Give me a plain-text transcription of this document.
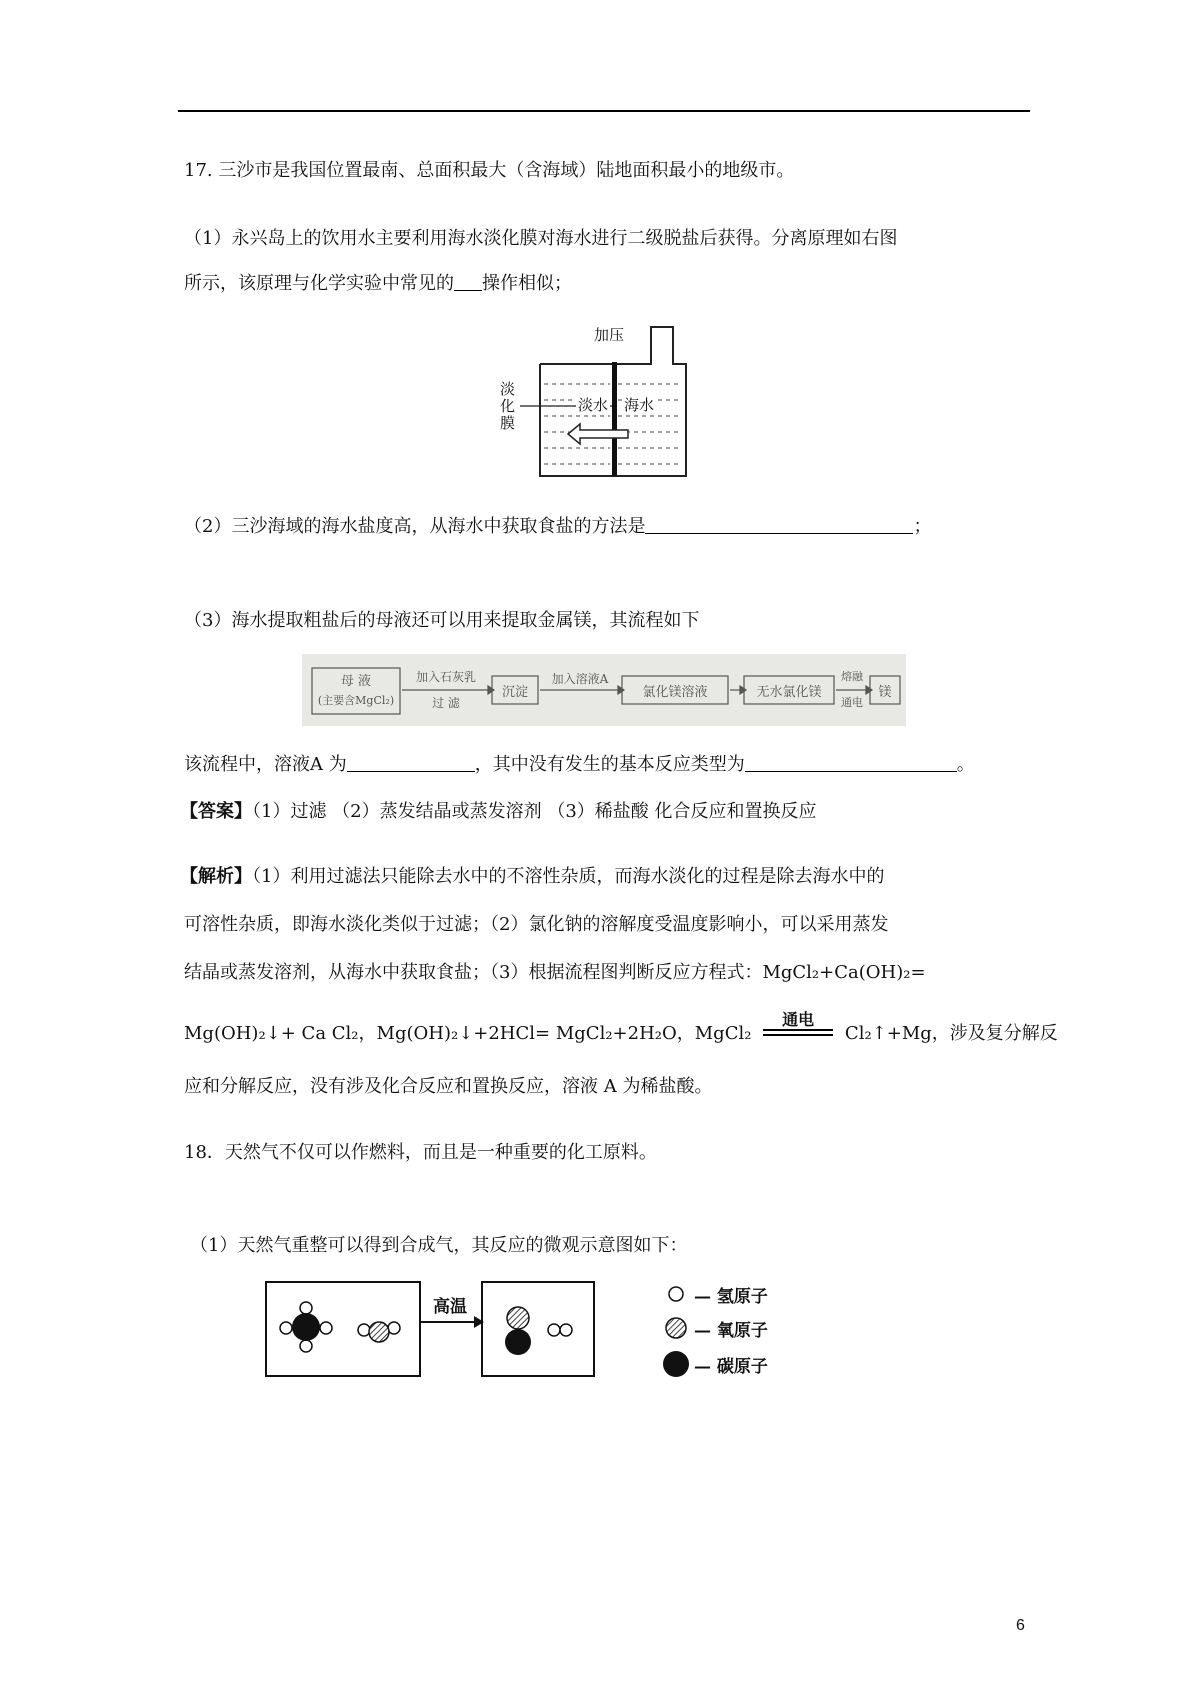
17. 三沙市是我国位置最南、总面积最大（含海域）陆地面积最小的地级市。
（1）永兴岛上的饮用水主要利用海水淡化膜对海水进行二级脱盐后获得。分离原理如右图
所示，该原理与化学实验中常见的 操作相似；
加压
淡
化
膜
淡水 海水
（2）三沙海域的海水盐度高，从海水中获取食盐的方法是	；
（3）海水提取粗盐后的母液还可以用来提取金属镁，其流程如下
母 液
(主要含MgCl₂)
加入石灰乳
过 滤
沉淀
加入溶液A
氯化镁溶液	无水氯化镁
熔融
通电
镁
该流程中，溶液A 为	，其中没有发生的基本反应类型为	。
【答案】（1）过滤 （2）蒸发结晶或蒸发溶剂 （3）稀盐酸 化合反应和置换反应
【解析】（1）利用过滤法只能除去水中的不溶性杂质，而海水淡化的过程是除去海水中的
可溶性杂质，即海水淡化类似于过滤；（2）氯化钠的溶解度受温度影响小，可以采用蒸发
结晶或蒸发溶剂，从海水中获取食盐；（3）根据流程图判断反应方程式：MgCl₂+Ca(OH)₂=
Mg(OH)₂↓+ Ca Cl₂，Mg(OH)₂↓+2HCl= MgCl₂+2H₂O，MgCl₂
通电
Cl₂↑+Mg，涉及复分解反
应和分解反应，没有涉及化合反应和置换反应，溶液 A 为稀盐酸。
18．天然气不仅可以作燃料，而且是一种重要的化工原料。
（1）天然气重整可以得到合成气，其反应的微观示意图如下：
高温	— 氢原子
— 氧原子
— 碳原子
6
